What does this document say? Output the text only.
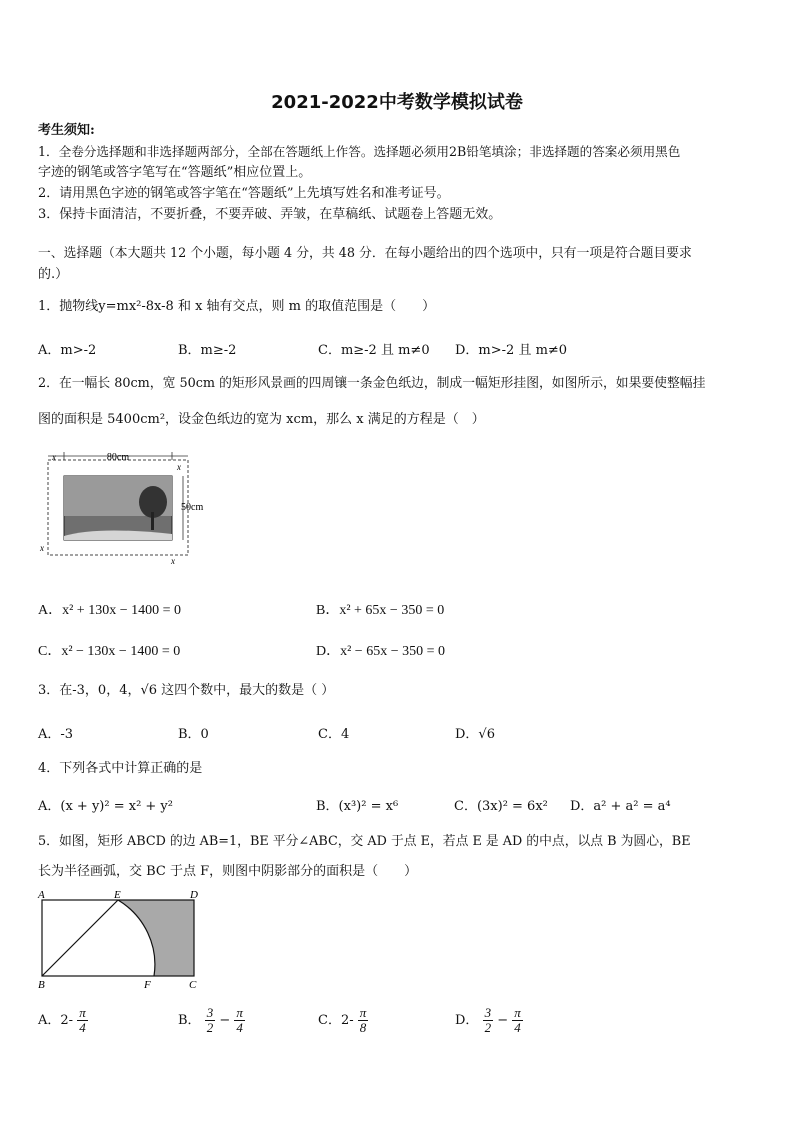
2021-2022中考数学模拟试卷
考生须知:
1．全卷分选择题和非选择题两部分，全部在答题纸上作答。选择题必须用2B铅笔填涂；非选择题的答案必须用黑色
字迹的钢笔或答字笔写在“答题纸”相应位置上。
2．请用黑色字迹的钢笔或答字笔在“答题纸”上先填写姓名和准考证号。
3．保持卡面清洁，不要折叠，不要弄破、弄皱，在草稿纸、试题卷上答题无效。
一、选择题（本大题共 12 个小题，每小题 4 分，共 48 分．在每小题给出的四个选项中，只有一项是符合题目要求
的.）
1．抛物线y=mx²-8x-8 和 x 轴有交点，则 m 的取值范围是（　　）
A．m>-2	B．m≥-2	C．m≥-2 且 m≠0 D．m>-2 且 m≠0
2．在一幅长 80cm，宽 50cm 的矩形风景画的四周镶一条金色纸边，制成一幅矩形挂图，如图所示，如果要使整幅挂
图的面积是 5400cm²，设金色纸边的宽为 xcm，那么 x 满足的方程是（　）
80cm
x
50cm
x
x
x
A．x² + 130x − 1400 = 0	B．x² + 65x − 350 = 0
C．x² − 130x − 1400 = 0	D．x² − 65x − 350 = 0
3．在-3，0，4，√6 这四个数中，最大的数是（ ）
A．-3	B．0	C．4	D．√6
4．下列各式中计算正确的是
A．(x + y)² = x² + y²	B．(x³)² = x⁶	C．(3x)² = 6x² D．a² + a² = a⁴
5．如图，矩形 ABCD 的边 AB=1，BE 平分∠ABC，交 AD 于点 E，若点 E 是 AD 的中点，以点 B 为圆心，BE
长为半径画弧，交 BC 于点 F，则图中阴影部分的面积是（　　）
A	E	D
B	F	C
A．$2- \frac{\pi}{4}$	B． $\frac{3}{2} - \frac{\pi}{4}$	C．$2- \frac{\pi}{8}$	D． $\frac{3}{2} - \frac{\pi}{4}$
